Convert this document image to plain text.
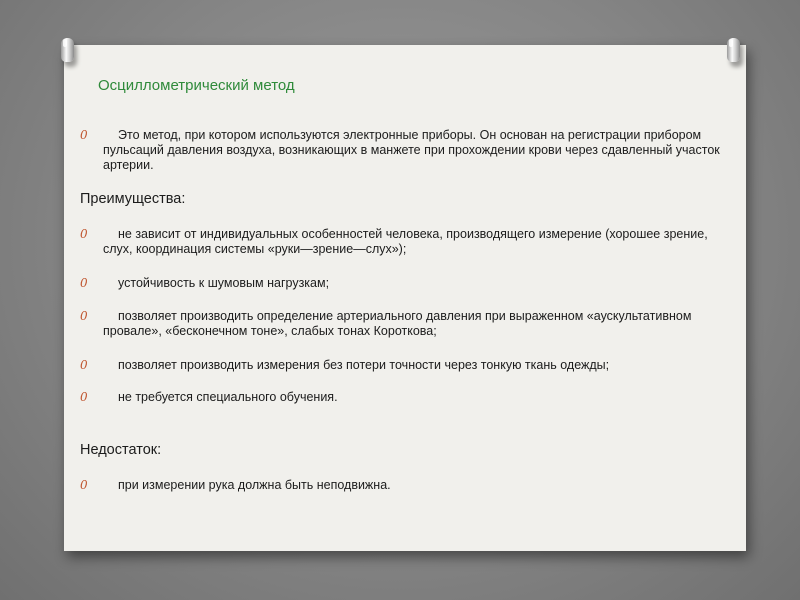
Осциллометрический метод
0	Это метод, при котором используются электронные приборы. Он основан на регистрации прибором пульсаций давления воздуха, возникающих в манжете при прохождении крови через сдавленный участок артерии.
Преимущества:
0	не зависит от индивидуальных особенностей человека, производящего измерение (хорошее зрение, слух, координация системы «руки—зрение—слух»);
0	устойчивость к шумовым нагрузкам;
0	позволяет производить определение артериального давления при выраженном «аускультативном провале», «бесконечном тоне», слабых тонах Короткова;
0	позволяет производить измерения без потери точности через тонкую ткань одежды;
0	не требуется специального обучения.
Недостаток:
0	при измерении рука должна быть неподвижна.
